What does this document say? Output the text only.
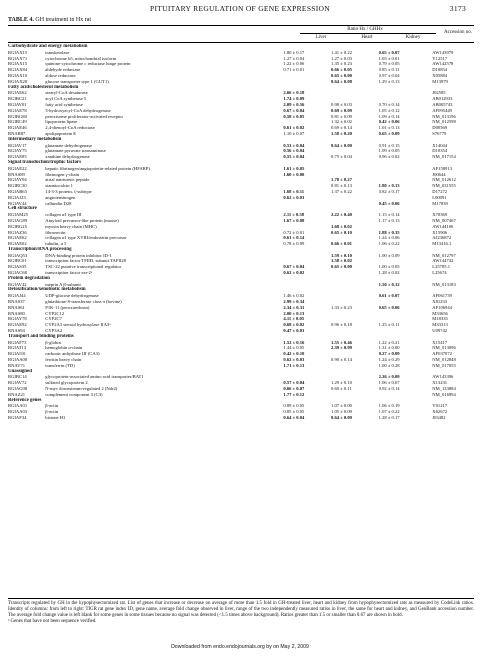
PITUITARY REGULATION OF GENE EXPRESSION	3173
TABLE 4. GH treatment in Hx rat
Ratio Hx / GHHx
Liver	Heart	Kidney
Accession no.
Carbohydrate and energy metabolism					
RGIAX15	transketolase	1.80 ± 0.17	1.41 ± 0.22	0.65 ± 0.07	AW143979
RGIAX71	cytochrome b5, mitochondrial isoform	1.27 ± 0.04	1.27 ± 0.03	1.03 ± 0.01	Y12517
RGIAX15	quinone-cytochrome c reductase hinge protein	1.22 ± 0.06	1.35 ± 0.23	0.79 ± 0.05	AW142578
RGIAX84	aldehyde reductase	0.71 ± 0.01	0.66 ± 0.05	0.85 ± 0.11	D10854
RGIAX10	aldose reductase		0.65 ± 0.00	0.97 ± 0.04	X05884
RGIAX20	glucose transporter type 1 (GUT1)		0.64 ± 0.08	1.29 ± 0.13	M13979
Fatty acid/cholesterol metabolism					
RGIAE62	stearyl-CoA desaturase	2.66 ± 0.18			J02585
RGIBC21	acyl CoA synthetase 5	1.74 ± 0.09			AB012933
RGIAV01	fatty acid synthetase	2.09 ± 0.56	0.98 ± 0.03	0.70 ± 0.14	AB005743
RGIAE78	3-hydroxyacyl-CoA dehydrogenase	0.67 ± 0.04	0.69 ± 0.09	1.05 ± 0.12	AF095449
RGIBG80	peroxisome proliferator-activated receptor	0.58 ± 0.05	0.81 ± 0.09	1.09 ± 0.14	NM_013196
RGIBC49	lipoprotein lipase		1.32 ± 0.02	0.42 ± 0.06	NM_012598
RGIAE46	2,4-dienoyl-CoA reductase	0.61 ± 0.02	0.69 ± 0.14	1.01 ± 0.13	D00569
RNAR87	apolipoprotein E	1.10 ± 0.07	1.58 ± 0.20	0.65 ± 0.09	S76779
Intermediary metabolism					
RGIAV17	glutamate dehydrogenase	0.53 ± 0.04	0.64 ± 0.00	0.91 ± 0.15	X14044
RGIAY75	glutamate pyruvate transaminase	0.56 ± 0.04		1.09 ± 0.05	D10354
RGIAE85	xanthine dehydrogenase	0.55 ± 0.04	0.75 ± 0.04	0.96 ± 0.02	NM_017154
Signal transduction/trophic factors					
RGIAE22	hepatic fibrinogen/angiopoietin-related protein (HFARP)	1.61 ± 0.05			AF158913
RNAS89	fibrinogen γ-chain	1.60 ± 0.00			J00644
RGIAY94	atrial natriuretic peptide		1.78 ± 0.27		NM_012612
RGIBC30	stanniocalcin 1		0.81 ± 0.13	1.80 ± 0.13	NM_031555
RGIAB63	14-3-3 protein, ζ-subtype	1.68 ± 0.11	1.37 ± 0.22	0.82 ± 0.17	D17272
RGIAJ23	angiotensinogen	0.62 ± 0.03			L00091
RGIAV44	calbindin D28			0.45 ± 0.06	M17839
Cell structure					
RGIAM25	collagen α1 type III	2.11 ± 0.58	2.22 ± 0.40	1.15 ± 0.14	X70369
RGIAG89	Amyloid precursor-like protein (mouse)	1.67 ± 0.08		1.17 ± 0.13	NM_007467
RGIBG25	myosin heavy chain (MHC)		1.68 ± 0.02		AW144106
RGIAZ36	fibronectin	0.72 ± 0.01	0.65 ± 0.10	1.88 ± 0.35	X15906
RGIAE62	collagen α1 type XVIII/endostatin precursor	0.61 ± 0.14		1.24 ± 0.06	AJ236872
RGIAE02	tubulin, α 5	0.78 ± 0.09	0.66 ± 0.01	1.06 ± 0.22	M13416.1
Transcription/RNA processing					
RGIAQ53	DNA-binding protein inhibitor ID-1		1.59 ± 0.10	1.00 ± 0.09	NM_012797
RGIBC01	transcription factor TFIID, subunit TAFII28		1.58 ± 0.02		AW144742
RGIAS35	TSC-22 putative transcriptional regulator	0.67 ± 0.04	0.65 ± 0.00	1.00 ± 0.05	L25785.1
RGIAC68	transcription factor ear-2ᵃ	0.62 ± 0.02		1.28 ± 0.02	L25674
Protein degradation					
RGIAV42	meprin A β-subunit			1.50 ± 0.12	NM_013183
Detoxification/xenobiotic metabolism					
RGIAJ44	UDP-glucose dehydrogenase	1.46 ± 0.02		0.61 ± 0.07	AF061739
RNAS37	glutathione-S-transferase class π (bovine)	2.99 ± 0.34			X81233
RNAS61	P1K-11 (peroxiredoxin)	2.34 ± 0.31	1.33 ± 0.23	0.65 ± 0.06	AF106944
RNAS80	CYP2C12	2.00 ± 0.13			M33656
RGIAY78	CYP2C7	4.11 ± 0.05			M18335
RGIAE92	CYP2A3 steroid hydroxylase IIA3ᵃ	0.68 ± 0.02	0.96 ± 0.18	1.25 ± 0.11	M33313
RNAS94	CYP3A2	0.47 ± 0.03			U09742
Transport and binding proteins					
RGIAF73	β-globin	1.52 ± 0.16	1.55 ± 0.46	1.22 ± 0.21	X15417
RGIAT13	hemoglobin α-chain	1.44 ± 0.05	2.39 ± 0.99	1.31 ± 0.00	NM_013096
RGIAI10	carbonic anhydrase III (CA3)	0.42 ± 0.10		0.27 ± 0.09	AF037072
RGIAA00	ferritin heavy chain	0.62 ± 0.03	0.90 ± 0.14	1.24 ± 0.29	NM_012848
RNAV71	transferrin (TD)	1.71 ± 0.13		1.00 ± 0.28	NM_017055
Unassigned					
RGIBC14	glycoprotein-associated amino acid transporter/BAT1			2.26 ± 0.09	AW143396
RGIAV72	sulfated glycoprotein 2	0.57 ± 0.04	1.29 ± 0.10	1.06 ± 0.07	X13231
RGIAG98	N-myc downstream-regulated 2 (Ndr2)	0.66 ± 0.07	0.69 ± 0.11	0.92 ± 0.14	NM_133884
RNAZ21	complement component 3 (C3)	1.77 ± 0.12			NM_016994
Reference genes					
RGIAA01	β-actin	0.89 ± 0.05	1.07 ± 0.00	1.06 ± 0.19	V01217
RGIAA03	β-actin	0.85 ± 0.05	1.05 ± 0.09	1.07 ± 0.22	X62672
RGIAF34	histone H1	0.64 ± 0.04	0.64 ± 0.09	1.28 ± 0.17	J03482

Transcripts regulated by GH in the hypophysectomized rat. List of genes that increase or decrease on average of more than 1.5 fold in GH-treated liver, heart and kidney from hypophysectomized rats as measured by CodeLink ratios. Identity of columns: from left to right: TIGR rat gene index ID, gene name, average fold change observed in liver, range of the two independently measured ratios in liver, the same for heart and kidney, and GenBank accession number. The average fold change value is left blank for some genes in some tissues because no signal was detected (<1.5 times above background). Ratios greater than 1.5 or smaller than 0.67 are shown in bold.

ᵃ Genes that have not been sequence verified.

Downloaded from endo.endojournals.org by on May 2, 2009
